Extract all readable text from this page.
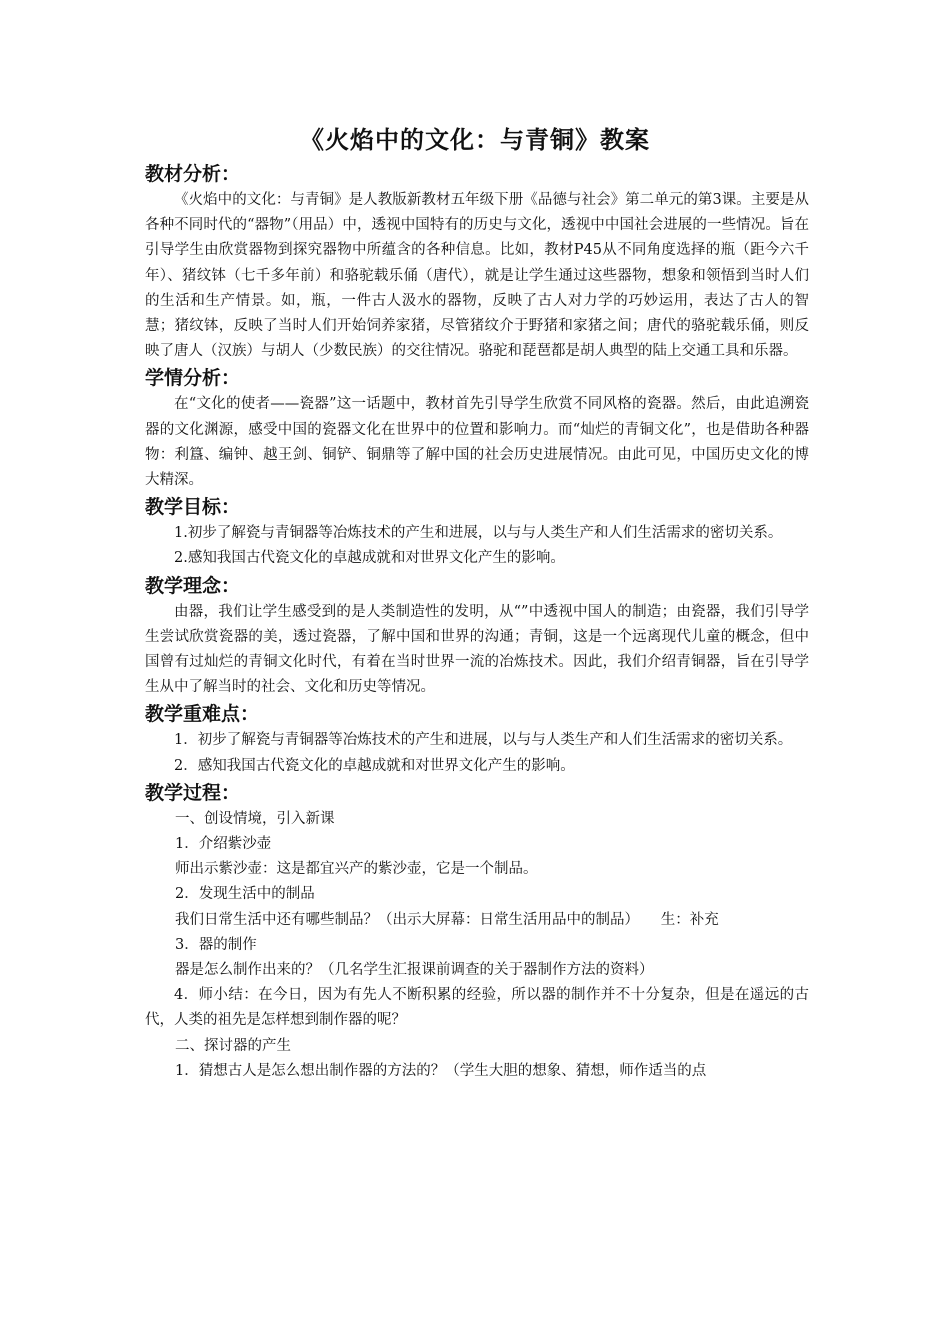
《火焰中的文化：与青铜》教案
教材分析：

《火焰中的文化：与青铜》是人教版新教材五年级下册《品德与社会》第二单元的第3课。主要是从各种不同时代的“器物”（用品）中，透视中国特有的历史与文化，透视中中国社会进展的一些情况。旨在引导学生由欣赏器物到探究器物中所蕴含的各种信息。比如，教材P45从不同角度选择的瓶（距今六千年）、猪纹钵（七千多年前）和骆驼载乐俑（唐代），就是让学生通过这些器物，想象和领悟到当时人们的生活和生产情景。如，瓶，一件古人汲水的器物，反映了古人对力学的巧妙运用，表达了古人的智慧；猪纹钵，反映了当时人们开始饲养家猪，尽管猪纹介于野猪和家猪之间；唐代的骆驼载乐俑，则反映了唐人（汉族）与胡人（少数民族）的交往情况。骆驼和琵琶都是胡人典型的陆上交通工具和乐器。

学情分析：

在“文化的使者——瓷器”这一话题中，教材首先引导学生欣赏不同风格的瓷器。然后，由此追溯瓷器的文化渊源，感受中国的瓷器文化在世界中的位置和影响力。而“灿烂的青铜文化”，也是借助各种器物：利簋、编钟、越王剑、铜铲、铜鼎等了解中国的社会历史进展情况。由此可见，中国历史文化的博大精深。

教学目标：

1.初步了解瓷与青铜器等冶炼技术的产生和进展，以与与人类生产和人们生活需求的密切关系。

2.感知我国古代瓷文化的卓越成就和对世界文化产生的影响。

教学理念：

由器，我们让学生感受到的是人类制造性的发明，从“”中透视中国人的制造；由瓷器，我们引导学生尝试欣赏瓷器的美，透过瓷器，了解中国和世界的沟通；青铜，这是一个远离现代儿童的概念，但中国曾有过灿烂的青铜文化时代，有着在当时世界一流的冶炼技术。因此，我们介绍青铜器，旨在引导学生从中了解当时的社会、文化和历史等情况。

教学重难点：

1．初步了解瓷与青铜器等冶炼技术的产生和进展，以与与人类生产和人们生活需求的密切关系。

2．感知我国古代瓷文化的卓越成就和对世界文化产生的影响。

教学过程：

一、创设情境，引入新课

1．介绍紫沙壶

师出示紫沙壶：这是都宜兴产的紫沙壶，它是一个制品。

2．发现生活中的制品

我们日常生活中还有哪些制品？（出示大屏幕：日常生活用品中的制品）　　生：补充

3．器的制作

器是怎么制作出来的？（几名学生汇报课前调查的关于器制作方法的资料）

4．师小结：在今日，因为有先人不断积累的经验，所以器的制作并不十分复杂，但是在遥远的古代，人类的祖先是怎样想到制作器的呢？

二、探讨器的产生

1．猜想古人是怎么想出制作器的方法的？（学生大胆的想象、猜想，师作适当的点
